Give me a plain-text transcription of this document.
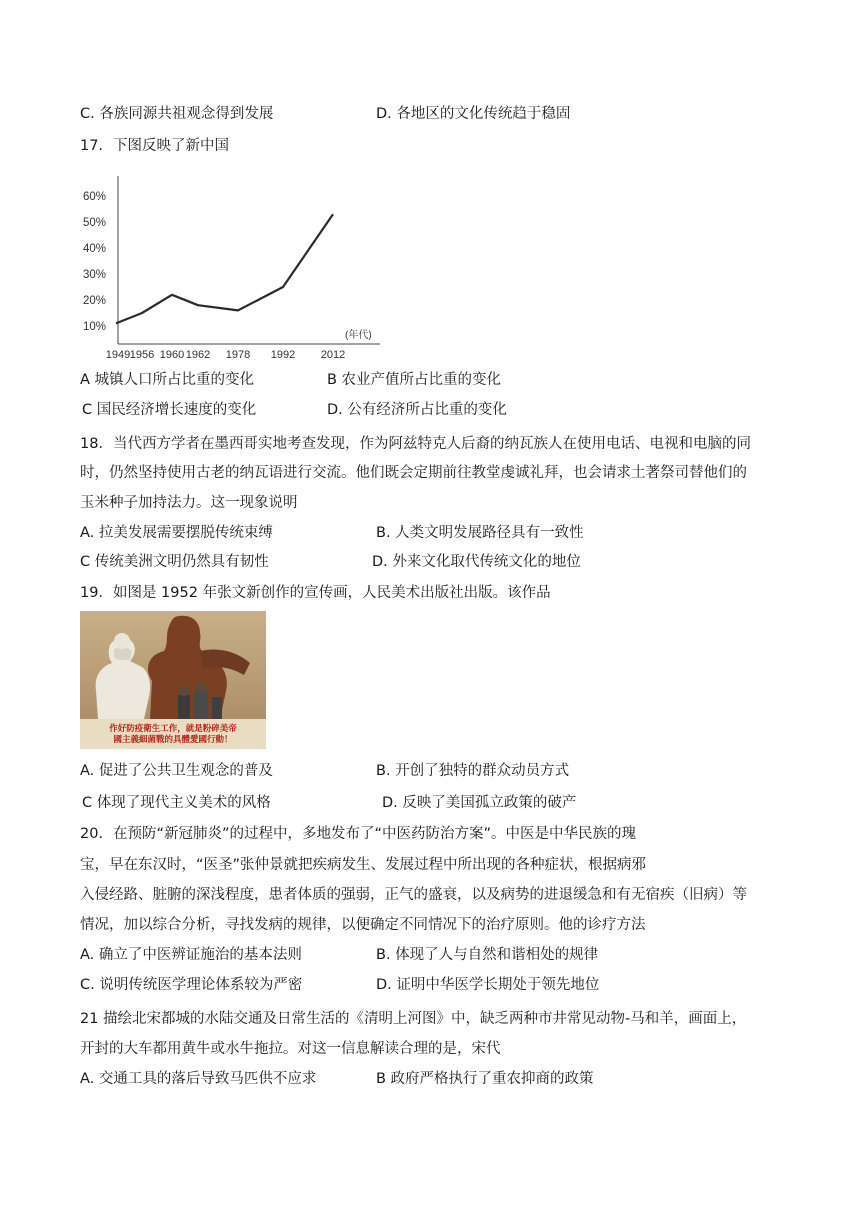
C. 各族同源共祖观念得到发展	D. 各地区的文化传统趋于稳固
17．下图反映了新中国
60%
50%
40%
30%
20%
10%
1949 1956 1960 1962 1978 1992 2012
(年代)
A 城镇人口所占比重的变化	B 农业产值所占比重的变化
C 国民经济增长速度的变化	D. 公有经济所占比重的变化
18．当代西方学者在墨西哥实地考查发现，作为阿兹特克人后裔的纳瓦族人在使用电话、电视和电脑的同
时，仍然坚持使用古老的纳瓦语进行交流。他们既会定期前往教堂虔诚礼拜，也会请求土著祭司替他们的
玉米种子加持法力。这一现象说明
A. 拉美发展需要摆脱传统束缚	B. 人类文明发展路径具有一致性
C 传统美洲文明仍然具有韧性	D. 外来文化取代传统文化的地位
19．如图是 1952 年张文新创作的宣传画，人民美术出版社出版。该作品
作好防疫衛生工作，就是粉碎美帝
國主義細菌戰的具體愛國行動！
A. 促进了公共卫生观念的普及	B. 开创了独特的群众动员方式
C 体现了现代主义美术的风格	D. 反映了美国孤立政策的破产
20．在预防“新冠肺炎”的过程中，多地发布了“中医药防治方案”。中医是中华民族的瑰
宝，早在东汉时，“医圣”张仲景就把疾病发生、发展过程中所出现的各种症状，根据病邪
入侵经路、脏腑的深浅程度，患者体质的强弱，正气的盛衰，以及病势的进退缓急和有无宿疾（旧病）等
情况，加以综合分析，寻找发病的规律，以便确定不同情况下的治疗原则。他的诊疗方法
A. 确立了中医辨证施治的基本法则	B. 体现了人与自然和谐相处的规律
C. 说明传统医学理论体系较为严密	D. 证明中华医学长期处于领先地位
21 描绘北宋都城的水陆交通及日常生活的《清明上河图》中，缺乏两种市井常见动物-马和羊，画面上，
开封的大车都用黄牛或水牛拖拉。对这一信息解读合理的是，宋代
A. 交通工具的落后导致马匹供不应求	B 政府严格执行了重农抑商的政策
